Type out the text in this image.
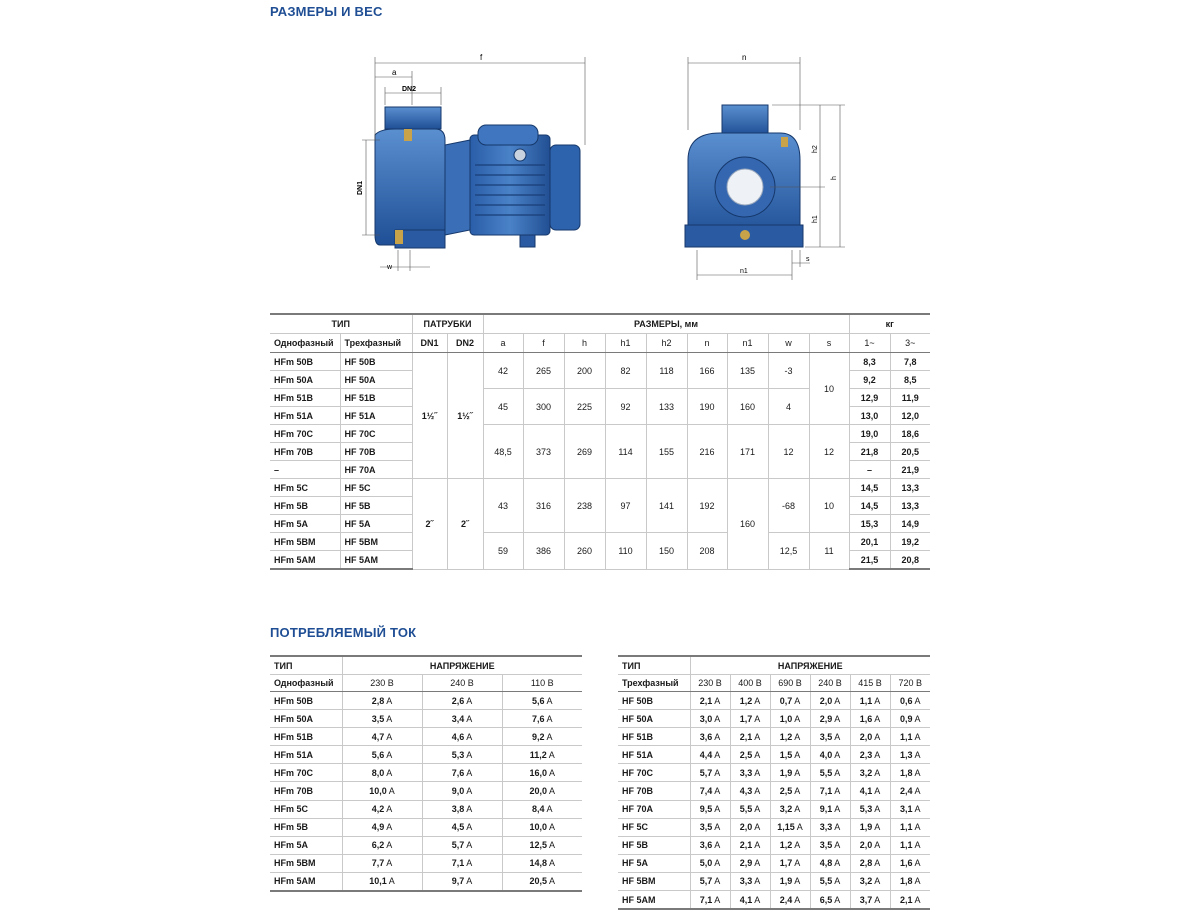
РАЗМЕРЫ И ВЕС
f
a
DN2
DN1
w
n
h
h2
h1
n1
s
ТИП		ПАТРУБКИ		РАЗМЕРЫ, мм									кг	
Однофазный	Трехфазный	DN1	DN2	a	f	h	h1	h2	n	n1	w	s	1~	3~
HFm 50B	HF 50B	1½˝	1½˝	42	265	200	82	118	166	135	-3	10	8,3	7,8
HFm 50A	HF 50A												9,2	8,5
HFm 51B	HF 51B			45	300	225	92	133	190	160	4		12,9	11,9
HFm 51A	HF 51A												13,0	12,0
HFm 70C	HF 70C			48,5	373	269	114	155	216	171	12	12	19,0	18,6
HFm 70B	HF 70B												21,8	20,5
–	HF 70A												–	21,9
HFm 5C	HF 5C	2˝	2˝	43	316	238	97	141	192	160	-68	10	14,5	13,3
HFm 5B	HF 5B												14,5	13,3
HFm 5A	HF 5A												15,3	14,9
HFm 5BM	HF 5BM			59	386	260	110	150	208		12,5	11	20,1	19,2
HFm 5AM	HF 5AM												21,5	20,8
ПОТРЕБЛЯЕМЫЙ ТОК
ТИП	НАПРЯЖЕНИЕ		
Однофазный	230 В	240 В	110 В
HFm 50B	2,8 A	2,6 A	5,6 A
HFm 50A	3,5 A	3,4 A	7,6 A
HFm 51B	4,7 A	4,6 A	9,2 A
HFm 51A	5,6 A	5,3 A	11,2 A
HFm 70C	8,0 A	7,6 A	16,0 A
HFm 70B	10,0 A	9,0 A	20,0 A
HFm 5C	4,2 A	3,8 A	8,4 A
HFm 5B	4,9 A	4,5 A	10,0 A
HFm 5A	6,2 A	5,7 A	12,5 A
HFm 5BM	7,7 A	7,1 A	14,8 A
HFm 5AM	10,1 A	9,7 A	20,5 A
ТИП	НАПРЯЖЕНИЕ					
Трехфазный	230 В	400 В	690 В	240 В	415 В	720 В
HF 50B	2,1 A	1,2 A	0,7 A	2,0 A	1,1 A	0,6 A
HF 50A	3,0 A	1,7 A	1,0 A	2,9 A	1,6 A	0,9 A
HF 51B	3,6 A	2,1 A	1,2 A	3,5 A	2,0 A	1,1 A
HF 51A	4,4 A	2,5 A	1,5 A	4,0 A	2,3 A	1,3 A
HF 70C	5,7 A	3,3 A	1,9 A	5,5 A	3,2 A	1,8 A
HF 70B	7,4 A	4,3 A	2,5 A	7,1 A	4,1 A	2,4 A
HF 70A	9,5 A	5,5 A	3,2 A	9,1 A	5,3 A	3,1 A
HF 5C	3,5 A	2,0 A	1,15 A	3,3 A	1,9 A	1,1 A
HF 5B	3,6 A	2,1 A	1,2 A	3,5 A	2,0 A	1,1 A
HF 5A	5,0 A	2,9 A	1,7 A	4,8 A	2,8 A	1,6 A
HF 5BM	5,7 A	3,3 A	1,9 A	5,5 A	3,2 A	1,8 A
HF 5AM	7,1 A	4,1 A	2,4 A	6,5 A	3,7 A	2,1 A
